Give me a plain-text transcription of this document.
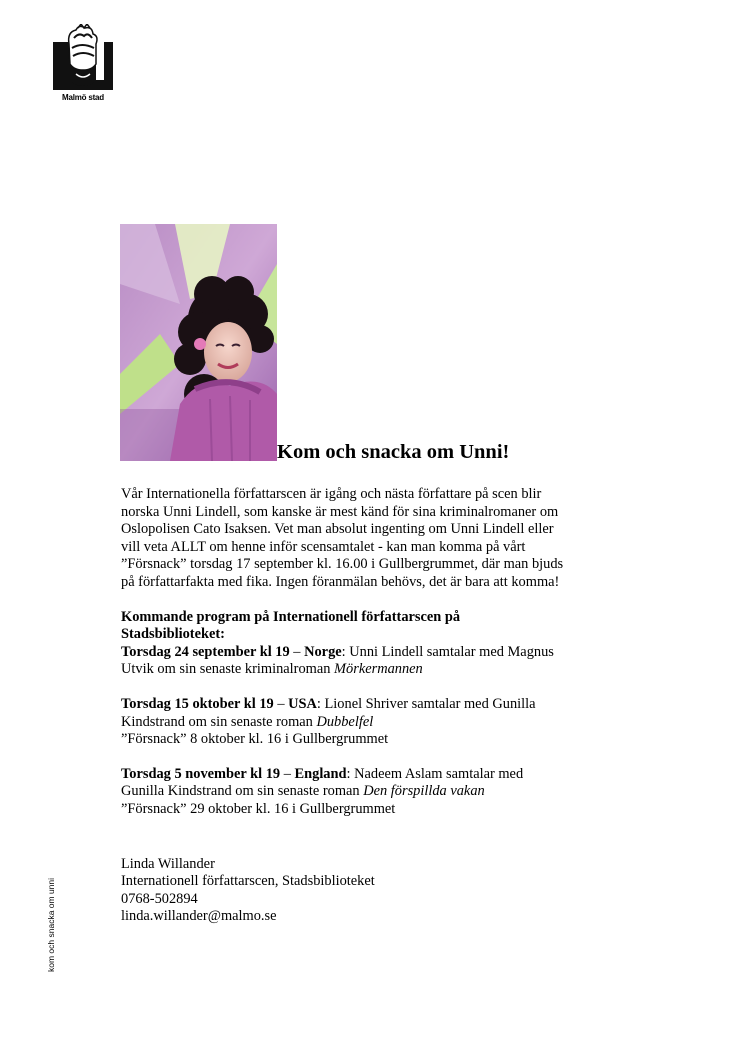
Malmö stad
Kom och snacka om Unni!

Vår Internationella författarscen är igång och nästa författare på scen blir
norska Unni Lindell, som kanske är mest känd för sina kriminalromaner om
Oslopolisen Cato Isaksen. Vet man absolut ingenting om Unni Lindell eller
vill veta ALLT om henne inför scensamtalet - kan man komma på vårt
”Försnack” torsdag 17 september kl. 16.00 i Gullbergrummet, där man bjuds
på författarfakta med fika. Ingen föranmälan behövs, det är bara att komma!

Kommande program på Internationell författarscen på
Stadsbiblioteket:
Torsdag 24 september kl 19 – Norge: Unni Lindell samtalar med Magnus
Utvik om sin senaste kriminalroman Mörkermannen

Torsdag 15 oktober kl 19 – USA: Lionel Shriver samtalar med Gunilla
Kindstrand om sin senaste roman Dubbelfel
”Försnack” 8 oktober kl. 16 i Gullbergrummet

Torsdag 5 november kl 19 – England: Nadeem Aslam samtalar med
Gunilla Kindstrand om sin senaste roman Den förspillda vakan
”Försnack” 29 oktober kl. 16 i Gullbergrummet

Linda Willander
Internationell författarscen, Stadsbiblioteket
0768-502894
linda.willander@malmo.se

kom och snacka om unni
